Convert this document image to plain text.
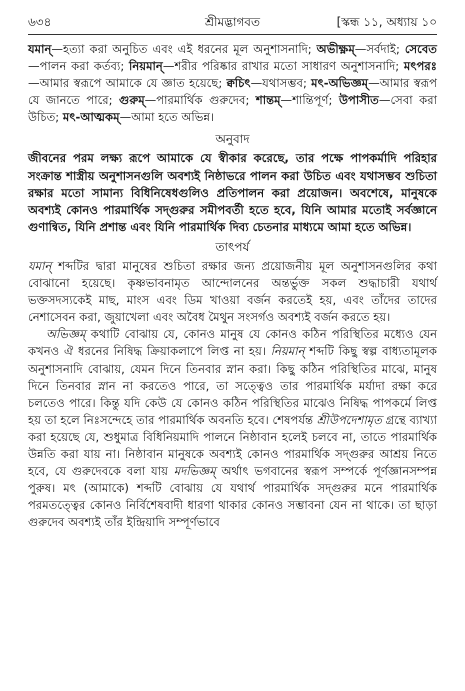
৬৩৪	শ্রীমদ্ভাগবত	[স্কন্ধ ১১, অধ্যায় ১০

যমান্—হত্যা করা অনুচিত এবং এই ধরনের মূল অনুশাসনাদি; অভীক্ষ্ণম্—সর্বদাই; সেবেত—পালন করা কর্তব্য; নিয়মান্—শরীর পরিষ্কার রাখার মতো সাধারণ অনুশাসনাদি; মৎপরঃ—আমার স্বরূপে আমাকে যে জ্ঞাত হয়েছে; ক্বচিৎ—যথাসম্ভব; মৎ-অভিজ্ঞম্—আমার স্বরূপ যে জানতে পারে; গুরুম্—পারমার্থিক গুরুদেব; শান্তম্—শান্তিপূর্ণ; উপাসীত—সেবা করা উচিত; মৎ-আত্মকম্—আমা হতে অভিন্ন।

অনুবাদ

জীবনের পরম লক্ষ্য রূপে আমাকে যে স্বীকার করেছে, তার পক্ষে পাপকর্মাদি পরিহার সংক্রান্ত শাস্ত্রীয় অনুশাসনগুলি অবশ্যই নিষ্ঠাভরে পালন করা উচিত এবং যথাসম্ভব শুচিতা রক্ষার মতো সামান্য বিধিনিষেধগুলিও প্রতিপালন করা প্রয়োজন। অবশেষে, মানুষকে অবশ্যই কোনও পারমার্থিক সদ্গুরুর সমীপবর্তী হতে হবে, যিনি আমার মতোই সর্বজ্ঞানে গুণান্বিত, যিনি প্রশান্ত এবং যিনি পারমার্থিক দিব্য চেতনার মাধ্যমে আমা হতে অভিন্ন।

তাৎপর্য

যমান্ শব্দটির দ্বারা মানুষের শুচিতা রক্ষার জন্য প্রয়োজনীয় মূল অনুশাসনগুলির কথা বোঝানো হয়েছে। কৃষ্ণভাবনামৃত আন্দোলনের অন্তর্ভুক্ত সকল শুদ্ধাচারী যথার্থ ভক্তসদস্যকেই মাছ, মাংস এবং ডিম খাওয়া বর্জন করতেই হয়, এবং তাঁদের তাদের নেশাসেবন করা, জুয়াখেলা এবং অবৈধ মৈথুন সংসর্গও অবশ্যই বর্জন করতে হয়।

অভিজ্ঞম্ কথাটি বোঝায় যে, কোনও মানুষ যে কোনও কঠিন পরিস্থিতির মধ্যেও যেন কখনও ঐ ধরনের নিষিদ্ধ ক্রিয়াকলাপে লিপ্ত না হয়। নিয়মান্ শব্দটি কিছু স্বল্প বাধ্যতামূলক অনুশাসনাদি বোঝায়, যেমন দিনে তিনবার স্নান করা। কিছু কঠিন পরিস্থিতির মাঝে, মানুষ দিনে তিনবার স্নান না করতেও পারে, তা সত্ত্বেও তার পারমার্থিক মর্যাদা রক্ষা করে চলতেও পারে। কিন্তু যদি কেউ যে কোনও কঠিন পরিস্থিতির মাঝেও নিষিদ্ধ পাপকর্মে লিপ্ত হয় তা হলে নিঃসন্দেহে তার পারমার্থিক অবনতি হবে। শেষপর্যন্ত শ্রীউপদেশামৃত গ্রন্থে ব্যাখ্যা করা হয়েছে যে, শুধুমাত্র বিধিনিয়মাদি পালনে নিষ্ঠাবান হলেই চলবে না, তাতে পারমার্থিক উন্নতি করা যায় না। নিষ্ঠাবান মানুষকে অবশ্যই কোনও পারমার্থিক সদ্গুরুর আশ্রয় নিতে হবে, যে গুরুদেবকে বলা যায় মদভিজ্ঞম্ অর্থাৎ ভগবানের স্বরূপ সম্পর্কে পূর্ণজ্ঞানসম্পন্ন পুরুষ। মৎ (আমাকে) শব্দটি বোঝায় যে যথার্থ পারমার্থিক সদ্গুরুর মনে পারমার্থিক পরমতত্ত্বের কোনও নির্বিশেষবাদী ধারণা থাকার কোনও সম্ভাবনা যেন না থাকে। তা ছাড়া গুরুদেব অবশ্যই তাঁর ইন্দ্রিয়াদি সম্পূর্ণভাবে
